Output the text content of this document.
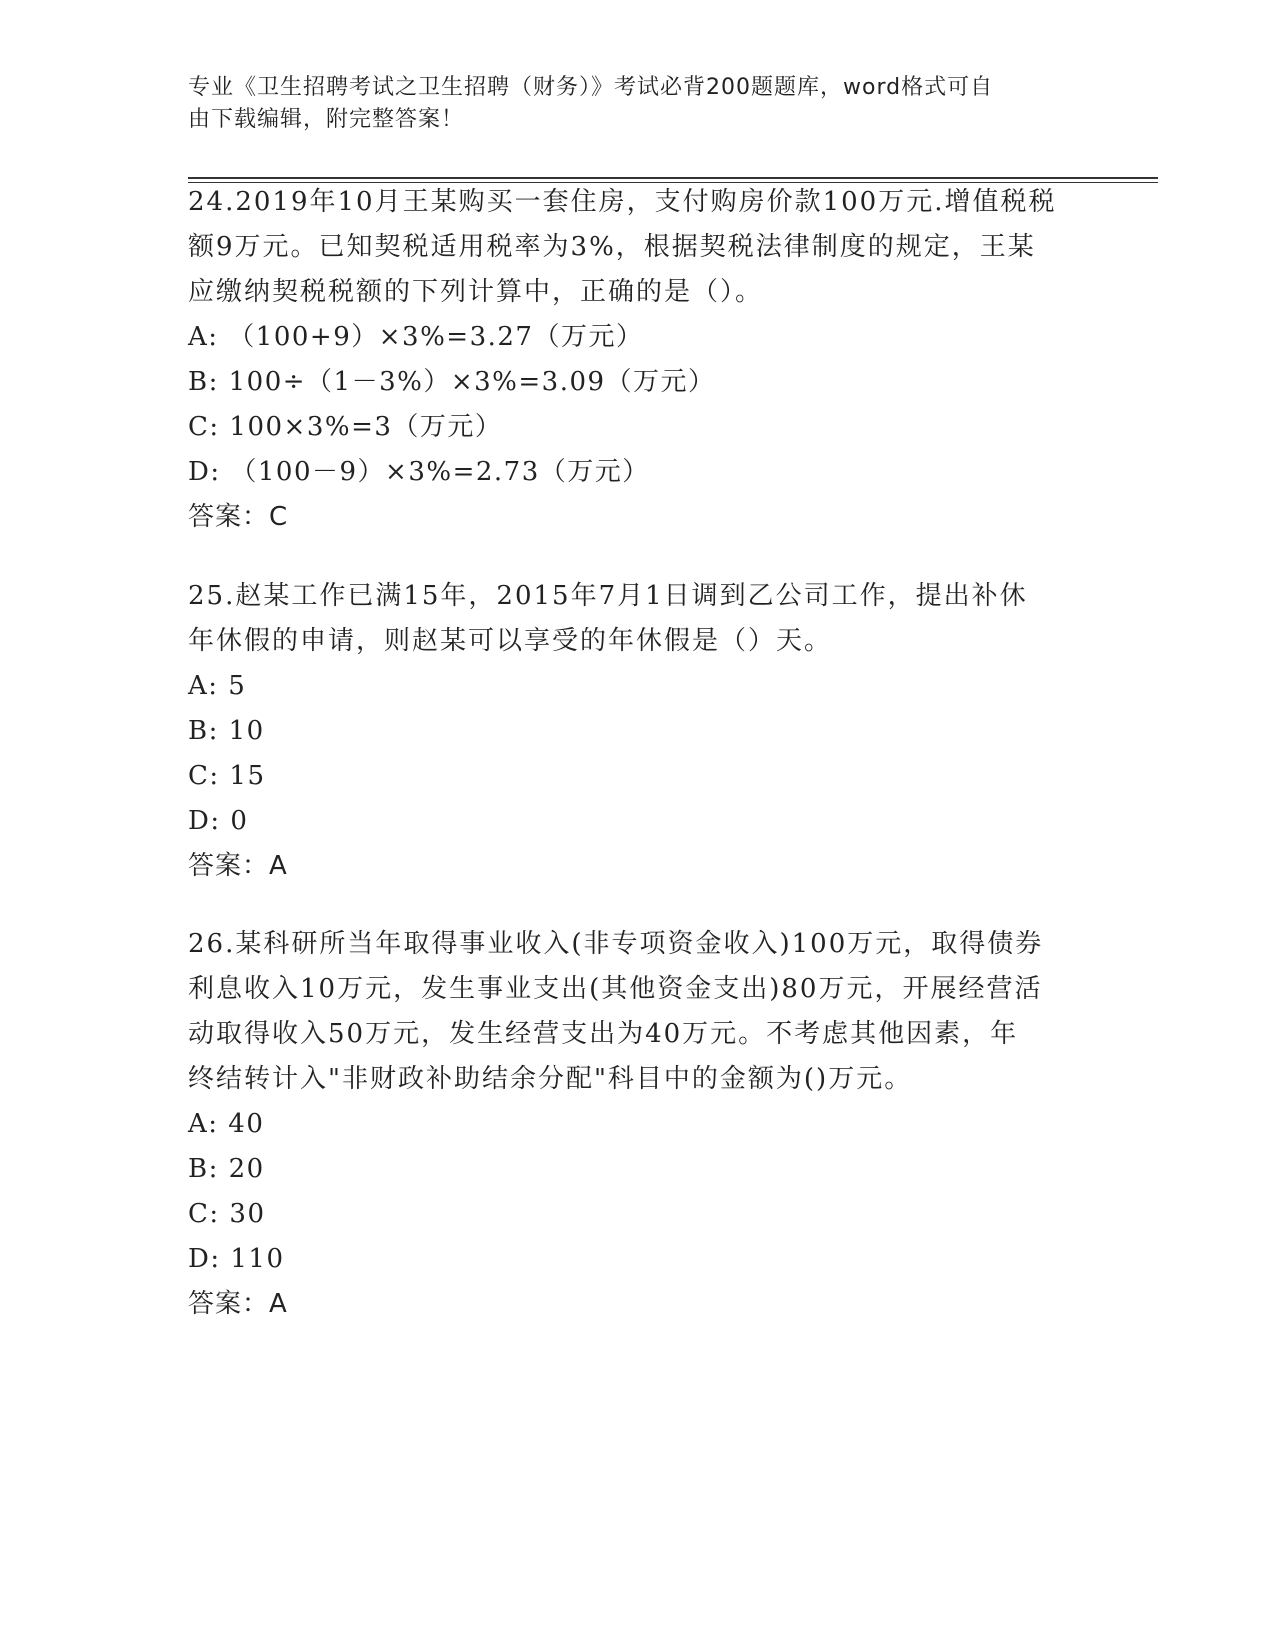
专业《卫生招聘考试之卫生招聘（财务）》考试必背200题题库，word格式可自
由下载编辑，附完整答案！
24.2019年10月王某购买一套住房，支付购房价款100万元.增值税税
额9万元。已知契税适用税率为3%，根据契税法律制度的规定，王某
应缴纳契税税额的下列计算中，正确的是（）。
A: （100+9）×3%=3.27（万元）
B: 100÷（1－3%）×3%=3.09（万元）
C: 100×3%=3（万元）
D: （100－9）×3%=2.73（万元）
答案：C
25.赵某工作已满15年，2015年7月1日调到乙公司工作，提出补休
年休假的申请，则赵某可以享受的年休假是（）天。
A: 5
B: 10
C: 15
D: 0
答案：A
26.某科研所当年取得事业收入(非专项资金收入)100万元，取得债券
利息收入10万元，发生事业支出(其他资金支出)80万元，开展经营活
动取得收入50万元，发生经营支出为40万元。不考虑其他因素，年
终结转计入"非财政补助结余分配"科目中的金额为()万元。
A: 40
B: 20
C: 30
D: 110
答案：A
